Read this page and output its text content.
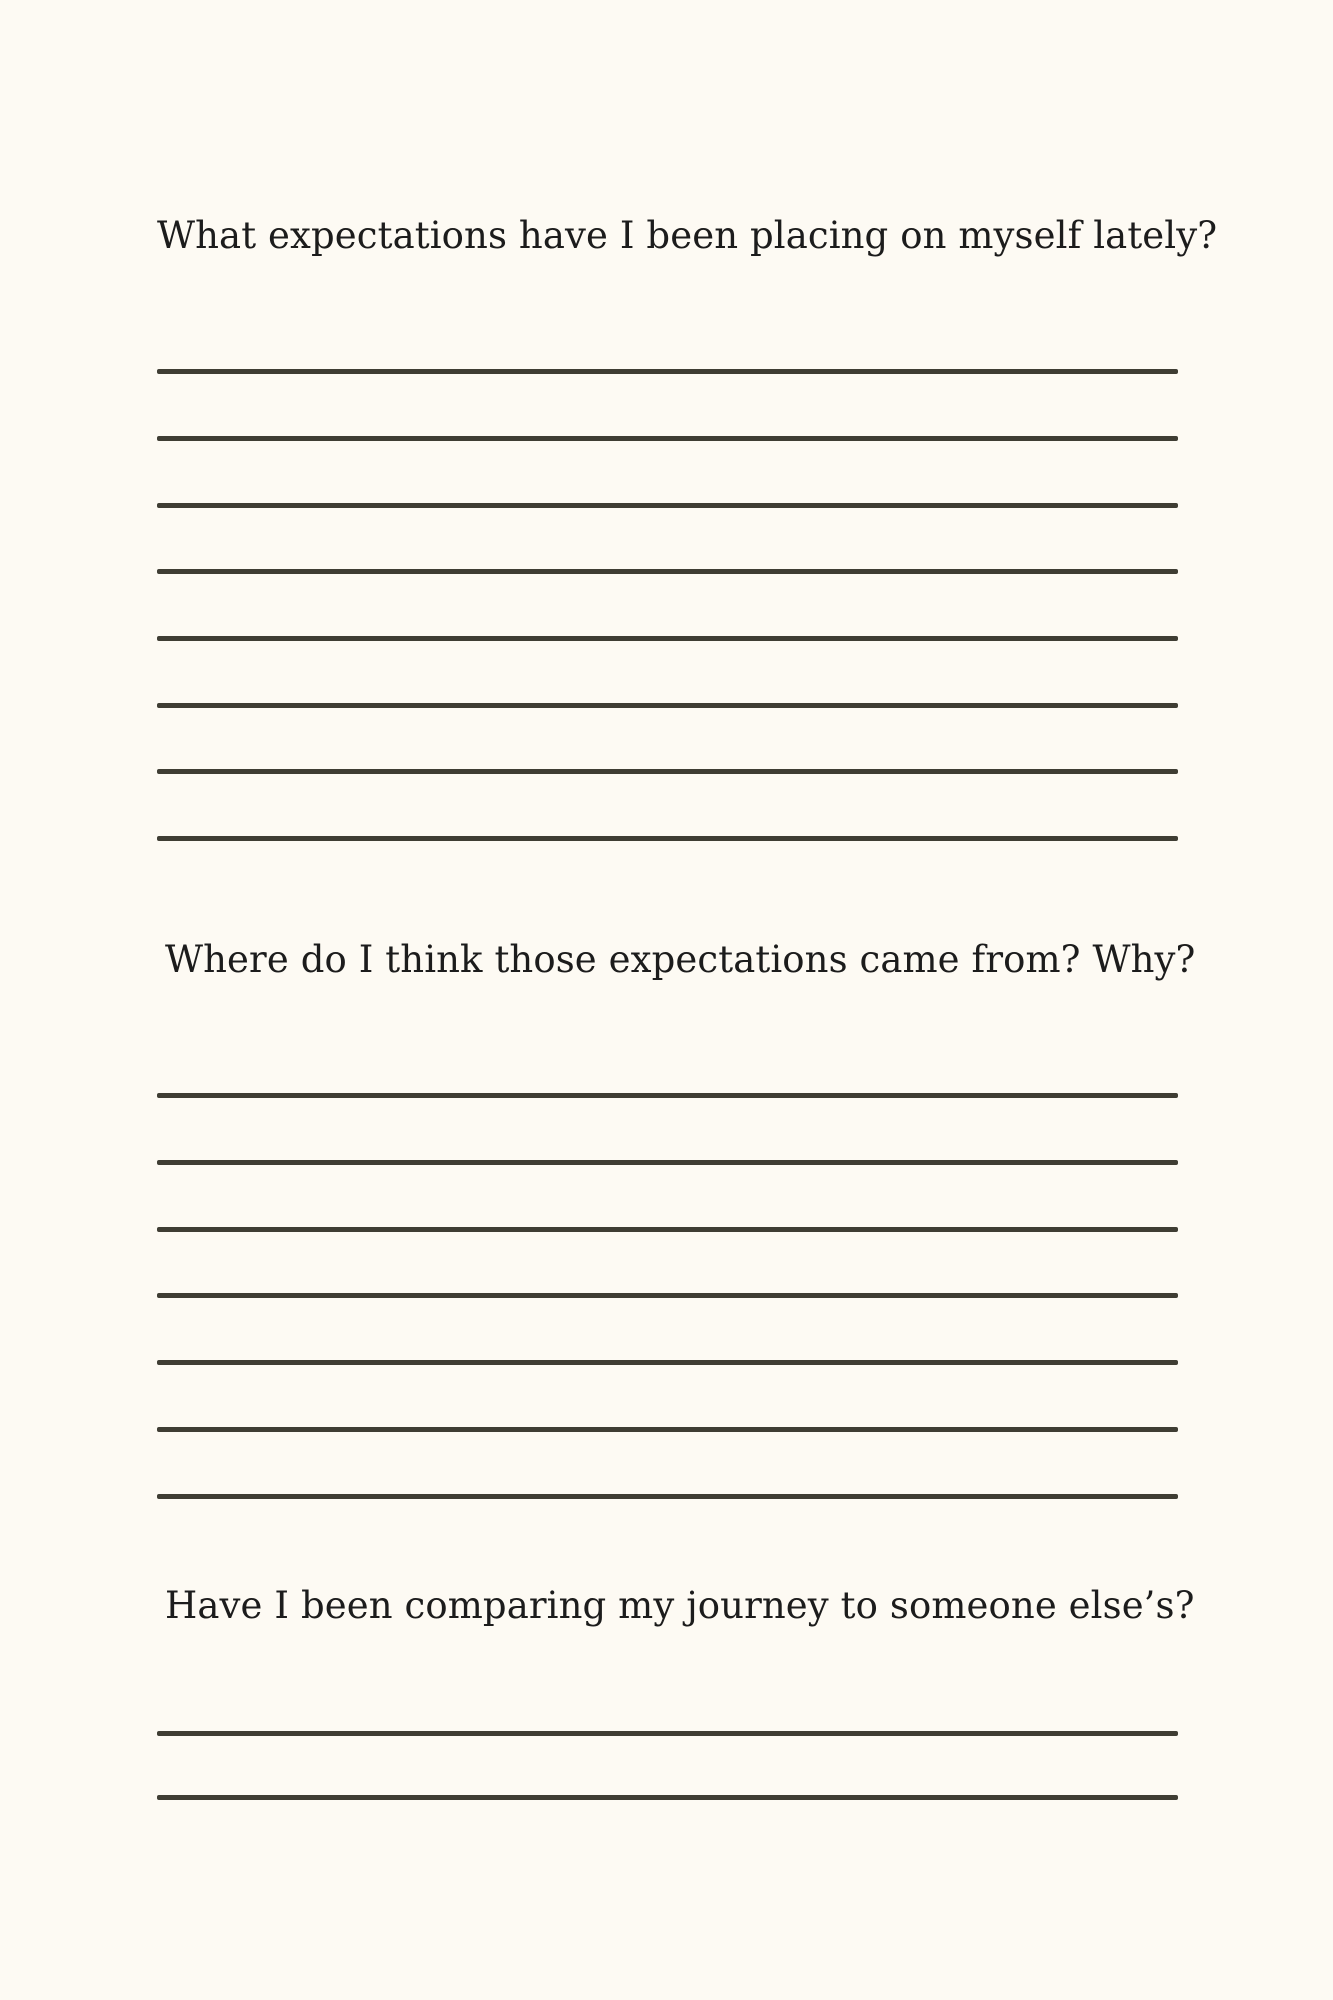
What expectations have I been placing on myself lately?
Where do I think those expectations came from? Why?
Have I been comparing my journey to someone else’s?
